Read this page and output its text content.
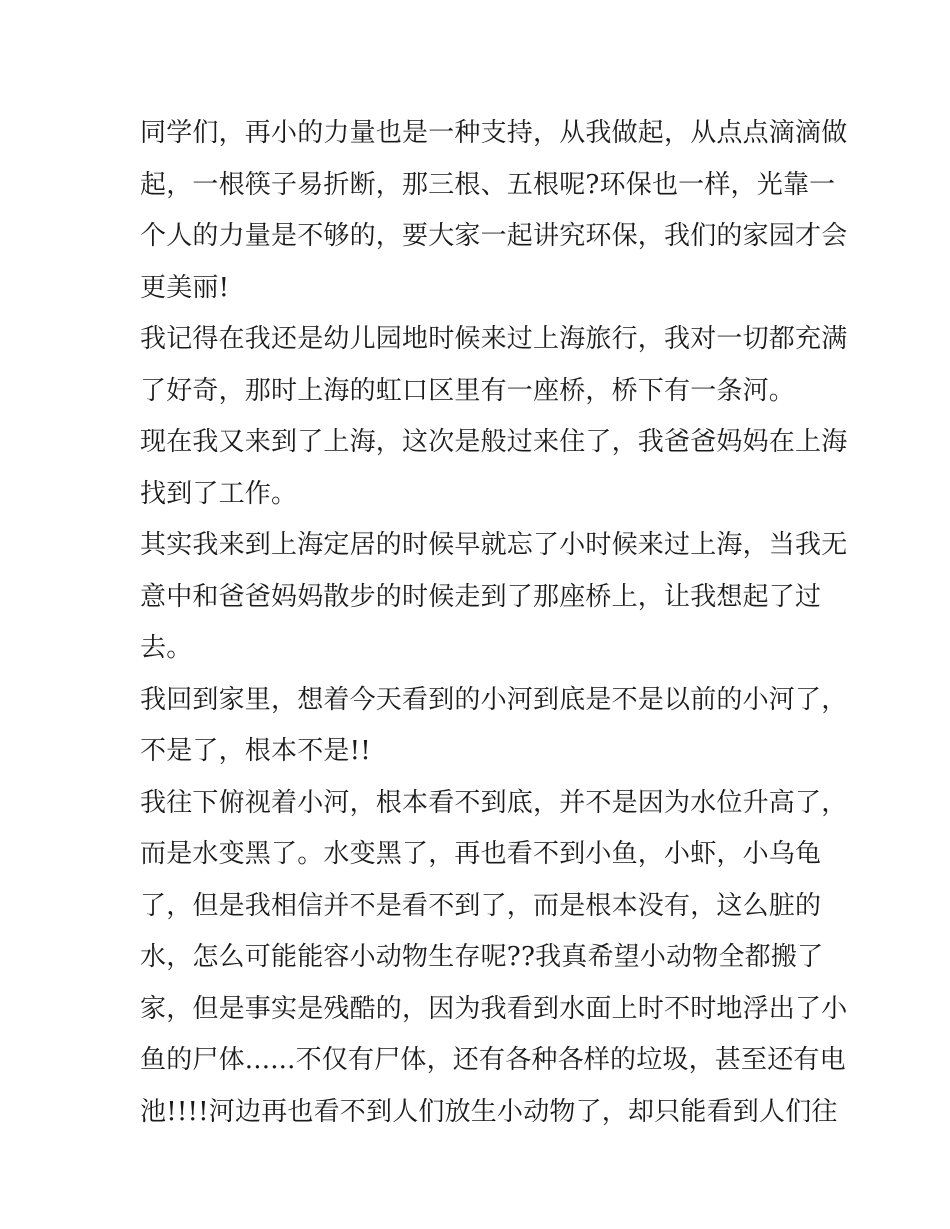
同学们，再小的力量也是一种支持，从我做起，从点点滴滴做
起，一根筷子易折断，那三根、五根呢?环保也一样，光靠一
个人的力量是不够的，要大家一起讲究环保，我们的家园才会
更美丽!

我记得在我还是幼儿园地时候来过上海旅行，我对一切都充满
了好奇，那时上海的虹口区里有一座桥，桥下有一条河。

现在我又来到了上海，这次是般过来住了，我爸爸妈妈在上海
找到了工作。

其实我来到上海定居的时候早就忘了小时候来过上海，当我无
意中和爸爸妈妈散步的时候走到了那座桥上，让我想起了过
去。

我回到家里，想着今天看到的小河到底是不是以前的小河了，
不是了，根本不是!!

我往下俯视着小河，根本看不到底，并不是因为水位升高了，
而是水变黑了。水变黑了，再也看不到小鱼，小虾，小乌龟
了，但是我相信并不是看不到了，而是根本没有，这么脏的
水，怎么可能能容小动物生存呢??我真希望小动物全都搬了
家，但是事实是残酷的，因为我看到水面上时不时地浮出了小
鱼的尸体......不仅有尸体，还有各种各样的垃圾，甚至还有电
池!!!!河边再也看不到人们放生小动物了，却只能看到人们往
